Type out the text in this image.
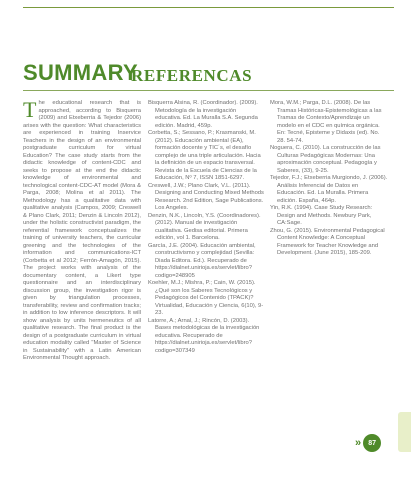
SUMMARY
REFERENCAS

The educational research that is approached, according to Bisquerra (2009) and Etxeberria & Tejedor (2006) arises with the question: What characteristics are experienced in training Inservice Teachers in the design of an environmental postgraduate curriculum for virtual Education? The case study starts from the didactic knowledge of content-CDC and seeks to propose at the end the didactic knowledge of environmental and technological content-CDC-AT model (Mora & Parga, 2008; Molina et al 2011). The Methodology has a qualitative data with qualitative analysis (Campos, 2009; Creswell & Plano Clark, 2011; Denzin & Lincoln 2012), under the holistic constructivist paradigm, the referential framework conceptualizes the training of university teachers, the curricular greening and the technologies of the information and communications-ICT (Corbetta et al 2012; Ferrón-Amagón, 2015). The project works with analysis of the documentary content, a Likert type questionnaire and an interdisciplinary discussion group, the investigation rigor is given by triangulation processes, transferability, review and confirmation tracks; in addition to low inference descriptors. It will show analysis by units hermeneutics of all qualitative research. The final product is the design of a postgraduate curriculum in virtual education modality called "Master of Science in Sustainability" with a Latin American Environmental Thought approach.

Bisquerra Alsina, R. (Coordinador). (2009). Metodología de la investigación educativa. Ed. La Muralla S.A. Segunda edición. Madrid, 459p.

Corbetta, S.; Sessano, P.; Krasmanski, M. (2012). Educación ambiental (EA), formación docente y TIC´s, el desafío complejo de una triple articulación. Hacia la definición de un espacio transversal. Revista de la Escuela de Ciencias de la Educación, Nº 7, ISSN 1851-6297.

Creswell, J.W.; Plano Clark, V.L. (2011). Designing and Conducting Mixed Methods Research. 2nd Edition, Sage Publications. Los Angeles.

Denzin, N.K., Lincoln, Y.S. (Coordinadores). (2012). Manual de investigación cualitativa. Gedisa editorial. Primera edición, vol 1. Barcelona.

García, J.E. (2004). Educación ambiental, constructivismo y complejidad (Sevilla: Diada Editora. Ed.). Recuperado de https://dialnet.unirioja.es/servlet/libro?codigo=248905

Koehler, M.J.; Mishra, P.; Cain, W. (2015). ¿Qué son los Saberes Tecnológicos y Pedagógicos del Contenido (TPACK)? Virtualidad, Educación y Ciencia, 6(10), 9-23.

Latorre, A.; Arnal, J.; Rincón, D. (2003). Bases metodológicas de la investigación educativa. Recuperado de https://dialnet.unirioja.es/servlet/libro?codigo=307349

Mora, W.M.; Parga, D.L. (2008). De las Tramas Históricas-Epistemológicas a las Tramas de Contexto/Aprendizaje un modelo en el CDC en química orgánica. En: Tecné, Episteme y Didaxis (ed). No. 28. 54-74.

Noguera, C. (2010). La construcción de las Culturas Pedagógicas Modernas: Una aproximación conceptual. Pedagogía y Saberes, (33), 9-25.

Tejedor, F.J.; Etxeberria Murgiondo, J. (2006). Análisis Inferencial de Datos en Educación. Ed. La Muralla. Primera edición. España, 464p.

Yin, R.K. (1994). Case Study Research: Design and Methods. Newbury Park, CA:Sage.

Zhou, G. (2015). Environmental Pedagogical Content Knowledge: A Conceptual Framework for Teacher Knowledge and Development. (June 2015), 185-209.

»	87
